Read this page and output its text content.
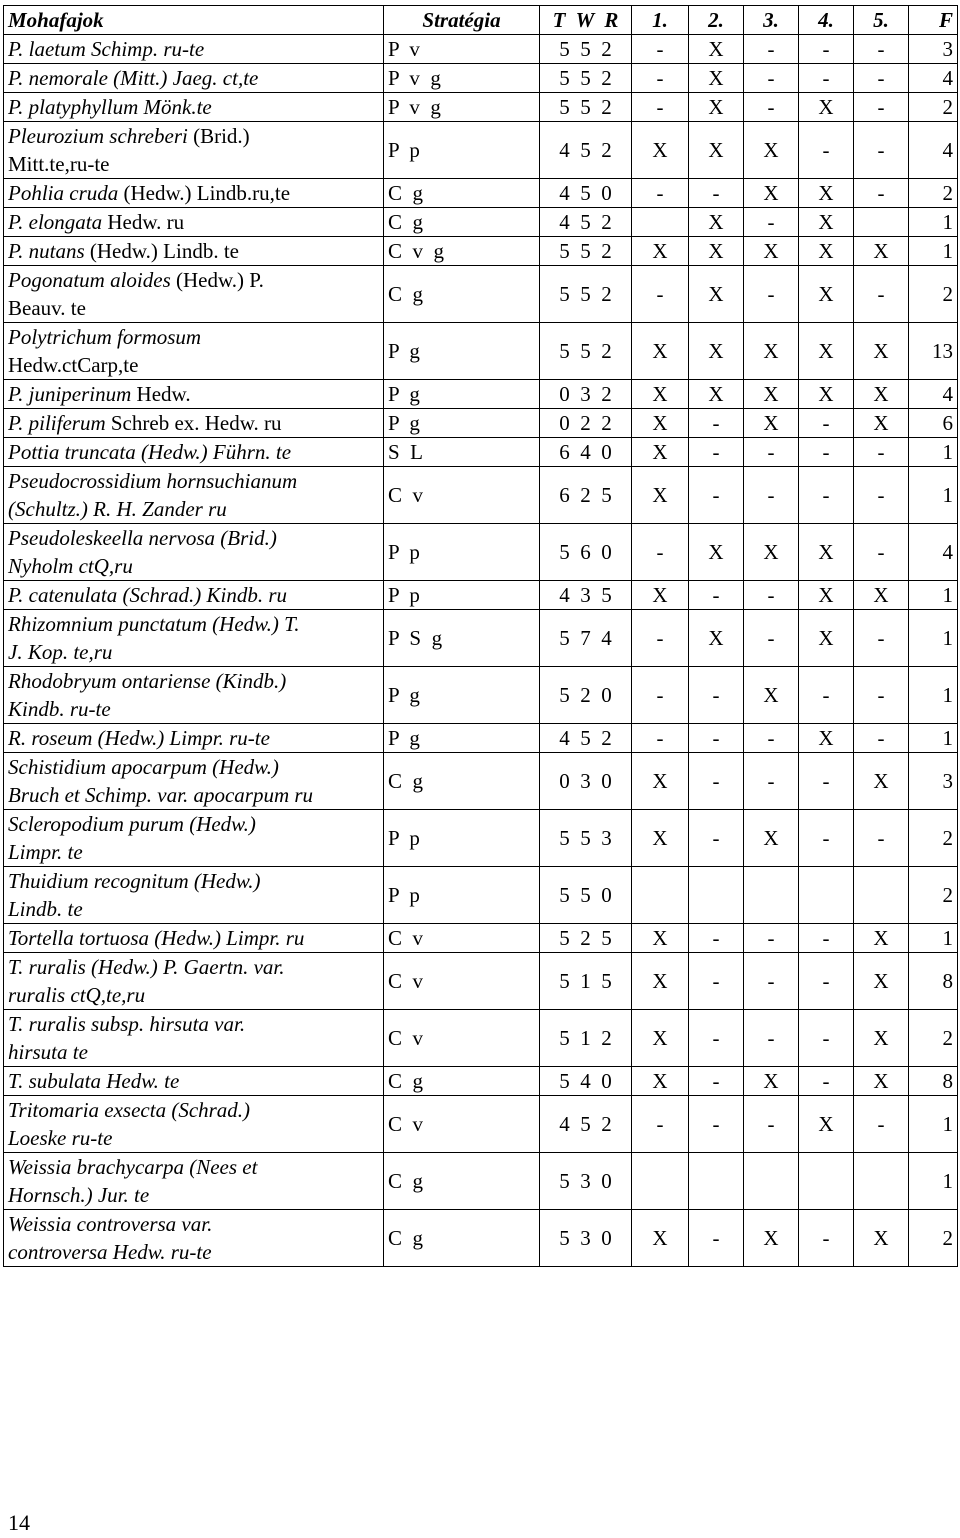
Mohafajok	Stratégia	T  W  R	1.	2.	3.	4.	5.	F

P. laetum Schimp. ru-te	P  v	5  5  2	-	X	-	-	-	3

P. nemorale (Mitt.) Jaeg. ct,te	P  v  g	5  5  2	-	X	-	-	-	4

P. platyphyllum Mönk.te	P  v  g	5  5  2	-	X	-	X	-	2

Pleurozium schreberi (Brid.)
Mitt.te,ru-te	P  p	4  5  2	X	X	X	-	-	4

Pohlia cruda (Hedw.) Lindb.ru,te	C  g	4  5  0	-	-	X	X	-	2

P. elongata Hedw. ru	C  g	4  5  2		X	-	X		1

P. nutans (Hedw.) Lindb. te	C  v  g	5  5  2	X	X	X	X	X	1

Pogonatum aloides (Hedw.) P.
Beauv. te	C  g	5  5  2	-	X	-	X	-	2

Polytrichum formosum
Hedw.ctCarp,te	P  g	5  5  2	X	X	X	X	X	13

P. juniperinum Hedw.	P  g	0  3  2	X	X	X	X	X	4

P. piliferum Schreb ex. Hedw. ru	P  g	0  2  2	X	-	X	-	X	6

Pottia truncata (Hedw.) Führn. te	S  L	6  4  0	X	-	-	-	-	1

Pseudocrossidium hornsuchianum
(Schultz.) R. H. Zander ru	C  v	6  2  5	X	-	-	-	-	1

Pseudoleskeella nervosa (Brid.)
Nyholm ctQ,ru	P  p	5  6  0	-	X	X	X	-	4

P. catenulata (Schrad.) Kindb. ru	P  p	4  3  5	X	-	-	X	X	1

Rhizomnium punctatum (Hedw.) T.
J. Kop. te,ru	P  S  g	5  7  4	-	X	-	X	-	1

Rhodobryum ontariense (Kindb.)
Kindb. ru-te	P  g	5  2  0	-	-	X	-	-	1

R. roseum (Hedw.) Limpr. ru-te	P  g	4  5  2	-	-	-	X	-	1

Schistidium apocarpum (Hedw.)
Bruch et Schimp. var. apocarpum ru	C  g	0  3  0	X	-	-	-	X	3

Scleropodium purum (Hedw.)
Limpr. te	P  p	5  5  3	X	-	X	-	-	2

Thuidium recognitum (Hedw.)
Lindb. te	P  p	5  5  0						2

Tortella tortuosa (Hedw.) Limpr. ru	C  v	5  2  5	X	-	-	-	X	1

T. ruralis (Hedw.) P. Gaertn. var.
ruralis ctQ,te,ru	C  v	5  1  5	X	-	-	-	X	8

T. ruralis subsp. hirsuta var.
hirsuta te	C  v	5  1  2	X	-	-	-	X	2

T. subulata Hedw. te	C  g	5  4  0	X	-	X	-	X	8

Tritomaria exsecta (Schrad.)
Loeske ru-te	C  v	4  5  2	-	-	-	X	-	1

Weissia brachycarpa (Nees et
Hornsch.) Jur. te	C  g	5  3  0						1

Weissia controversa var.
controversa Hedw. ru-te	C  g	5  3  0	X	-	X	-	X	2
14
